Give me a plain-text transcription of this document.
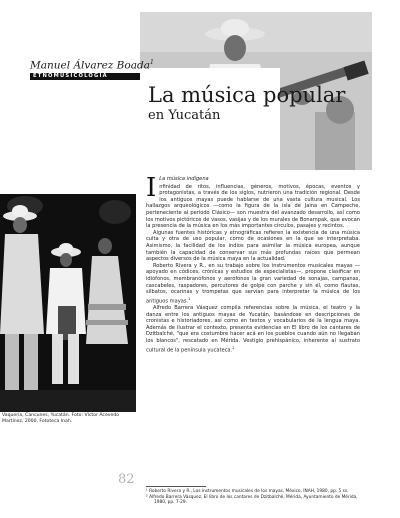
Manuel Álvarez Boada$^1$
ETNOMUSICOLOGÍA
La música popular
en Yucatán
Vaquería, Cancunes, Yucatán. Foto: Víctor Acevedo Martínez, 2000, Fototeca Inah.
82
I La música indígena

nfinidad de ritos, influencias, géneros, motivos, épocas, eventos y protagonistas, a través de los siglos, nutrieron una tradición regional. Desde los antiguos mayas puede hablarse de una vasta cultura musical. Los hallazgos arqueológicos —como la figura de la isla de Jaina en Campeche, perteneciente al periodo Clásico— son muestra del avanzado desarrollo, así como los motivos pictóricos de vasos, vasijas y de los murales de Bonampak, que evocan la presencia de la música en los más importantes círculos, pasajes y recintos.

Algunas fuentes históricas y etnográficas refieren la existencia de una música culta y otra de uso popular, como de ocasiones en la que se interpretaba. Asimismo, la facilidad de los indios para asimilar la música europea, aunque también la capacidad de conservar sus más profundas raíces que permean aspectos diversos de la música maya en la actualidad.

Roberto Rivera y R., en su trabajo sobre los instrumentos musicales mayas —apoyado en códices, crónicas y estudios de especialistas—, propone clasificar en idiófonos, membranófonos y aerófonos la gran variedad de sonajas, campanas, cascabeles, raspadores, percutores de golpe con parche y sin él, como flautas, silbatos, ocarinas y trompetas que servían para interpretar la música de los antiguos mayas.$^1$

Alfredo Barrera Vásquez compila referencias sobre la música, el teatro y la danza entre los antiguos mayas de Yucatán, basándose en descripciones de cronistas e historiadores, así como en textos y vocabularios de la lengua maya. Además de ilustrar el contexto, presenta evidencias en El libro de los cantares de Dzitbalché, "que era costumbre hacer acá en los pueblos cuando aún no llegaban los blancos", rescatado en Mérida. Vestigio prehispánico, inherente al sustrato cultural de la península yucateca.$^2$

¹ Roberto Rivera y R., Los instrumentos musicales de los mayas, México, INAH, 1980, pp. 5 ss.

² Alfredo Barrera Vásquez, El libro de los cantares de Dzitbalché, Mérida, Ayuntamiento de Mérida, 1980, pp. 7-29.
